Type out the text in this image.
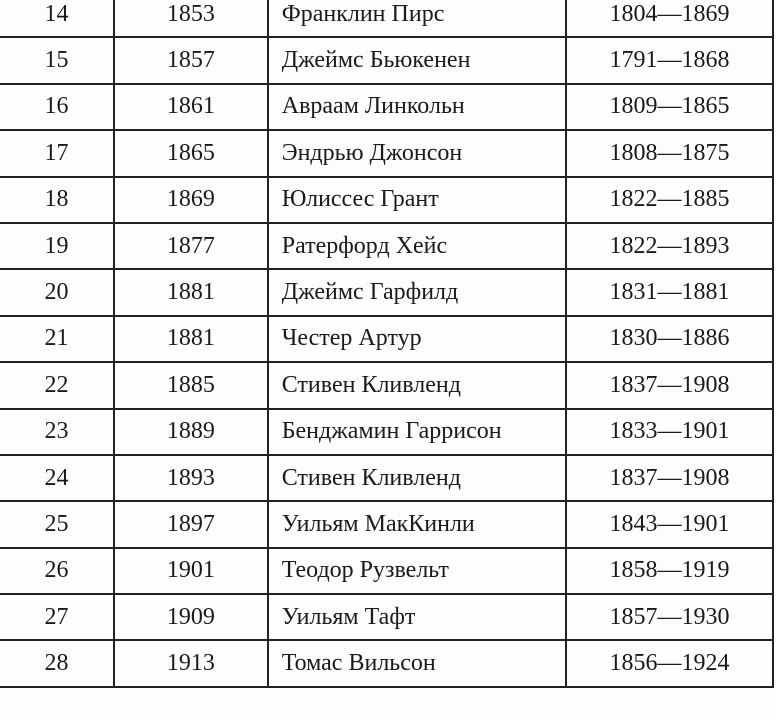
14	1853	Франклин Пирс	1804—1869
15	1857	Джеймс Бьюкенен	1791—1868
16	1861	Авраам Линкольн	1809—1865
17	1865	Эндрью Джонсон	1808—1875
18	1869	Юлиссес Грант	1822—1885
19	1877	Ратерфорд Хейс	1822—1893
20	1881	Джеймс Гарфилд	1831—1881
21	1881	Честер Артур	1830—1886
22	1885	Стивен Кливленд	1837—1908
23	1889	Бенджамин Гаррисон	1833—1901
24	1893	Стивен Кливленд	1837—1908
25	1897	Уильям МакКинли	1843—1901
26	1901	Теодор Рузвельт	1858—1919
27	1909	Уильям Тафт	1857—1930
28	1913	Томас Вильсон	1856—1924
